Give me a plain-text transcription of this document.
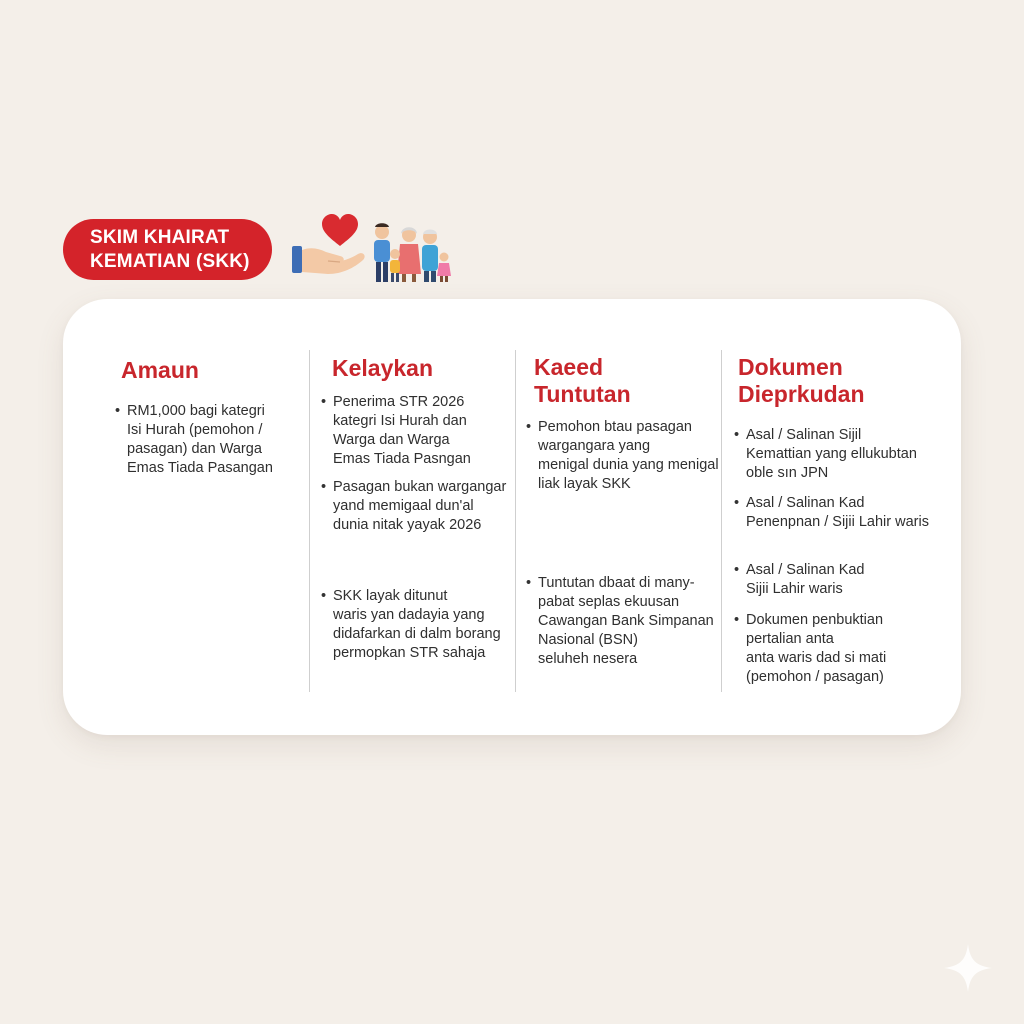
SKIM KHAIRAT
KEMATIAN (SKK)
Amaun
• RM1,000 bagi kategri
Isi Hurah (pemohon /
pasagan) dan Warga
Emas Tiada Pasangan
Kelaykan
• Penerima STR 2026
kategri Isi Hurah dan
Warga dan Warga
Emas Tiada Pasngan
• Pasagan bukan wargangar
yand memigaal dun'al
dunia nitak yayak 2026
• SKK layak ditunut
waris yan dadayia yang
didafarkan di dalm borang
permopkan STR sahaja
Kaeed
Tuntutan
• Pemohon btau pasagan
wargangara yang
menigal dunia yang menigal
liak layak SKK
• Tuntutan dbaat di many-
pabat seplas ekuusan
Cawangan Bank Simpanan
Nasional (BSN)
seluheh nesera
Dokumen
Dieprkudan
• Asal / Salinan Sijil
Kemattian yang ellukubtan
oble sın JPN
• Asal / Salinan Kad
Penenpnan / Sijii Lahir waris
• Asal / Salinan Kad
Sijii Lahir waris
• Dokumen penbuktian
pertalian anta
anta waris dad si mati
(pemohon / pasagan)
